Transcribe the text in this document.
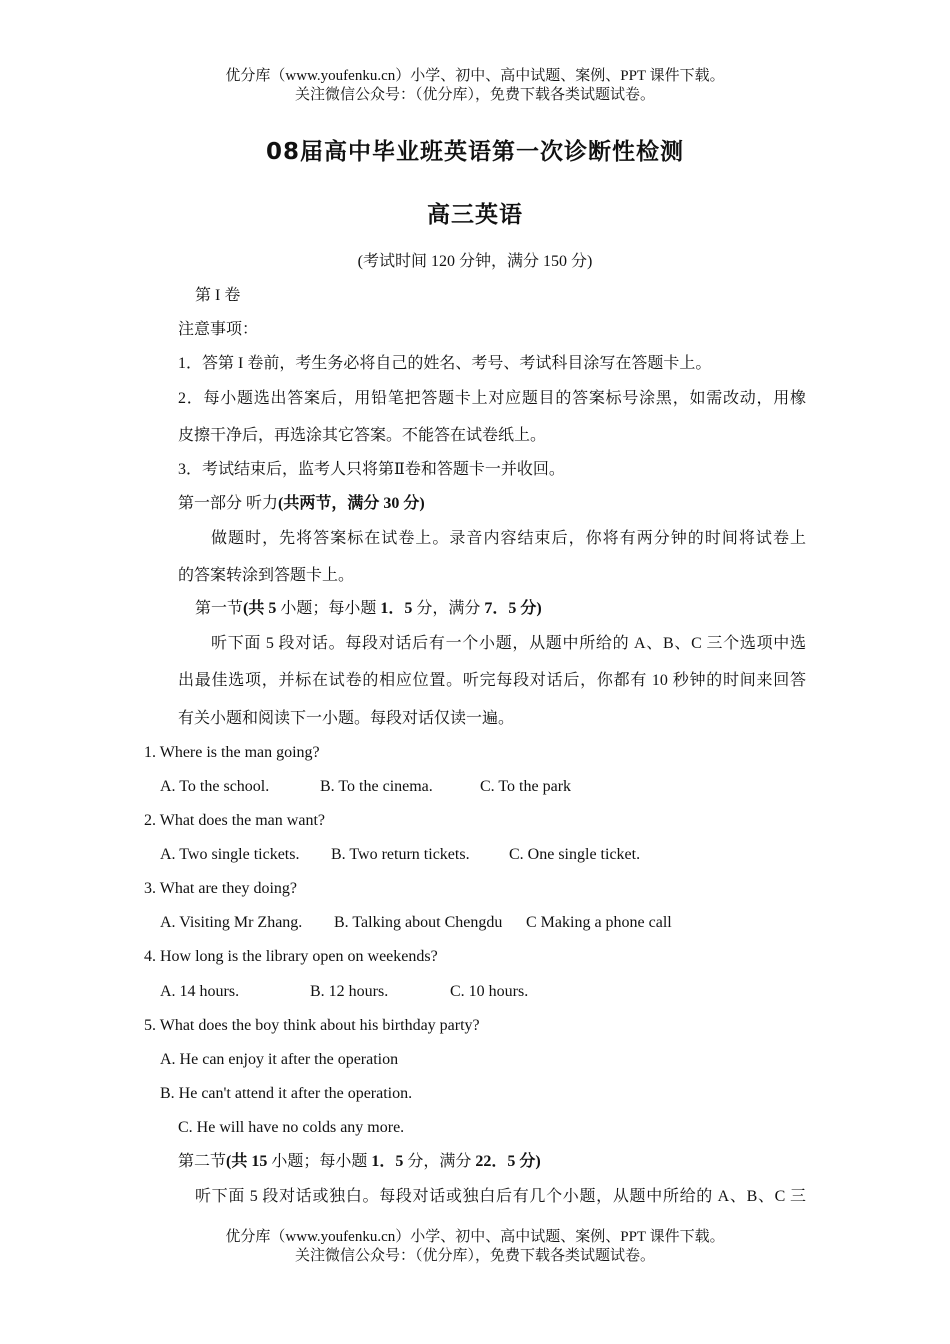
优分库（www.youfenku.cn）小学、初中、高中试题、案例、PPT 课件下载。
关注微信公众号：（优分库），免费下载各类试题试卷。
08届高中毕业班英语第一次诊断性检测
高三英语
(考试时间 120 分钟，满分 150 分)
第 I 卷
注意事项：
1．答第 I 卷前，考生务必将自己的姓名、考号、考试科目涂写在答题卡上。
2．每小题选出答案后，用铅笔把答题卡上对应题目的答案标号涂黑，如需改动，用橡
皮擦干净后，再选涂其它答案。不能答在试卷纸上。
3．考试结束后，监考人只将第Ⅱ卷和答题卡一并收回。
第一部分 听力(共两节，满分 30 分)
做题时，先将答案标在试卷上。录音内容结束后，你将有两分钟的时间将试卷上
的答案转涂到答题卡上。
第一节(共 5 小题；每小题 1．5 分，满分 7．5 分)
听下面 5 段对话。每段对话后有一个小题，从题中所给的 A、B、C 三个选项中选
出最佳选项，并标在试卷的相应位置。听完每段对话后，你都有 10 秒钟的时间来回答
有关小题和阅读下一小题。每段对话仅读一遍。
1. Where is the man going?
A. To the school.	B. To the cinema.	C. To the park
2. What does the man want?
A. Two single tickets. B. Two return tickets. C. One single ticket.
3. What are they doing?
A. Visiting Mr Zhang. B. Talking about Chengdu C Making a phone call
4. How long is the library open on weekends?
A. 14 hours.	B. 12 hours.	C. 10 hours.
5. What does the boy think about his birthday party?
A. He can enjoy it after the operation
B. He can't attend it after the operation.
C. He will have no colds any more.
第二节(共 15 小题；每小题 1．5 分，满分 22．5 分)
听下面 5 段对话或独白。每段对话或独白后有几个小题，从题中所给的 A、B、C 三
优分库（www.youfenku.cn）小学、初中、高中试题、案例、PPT 课件下载。
关注微信公众号：（优分库），免费下载各类试题试卷。
